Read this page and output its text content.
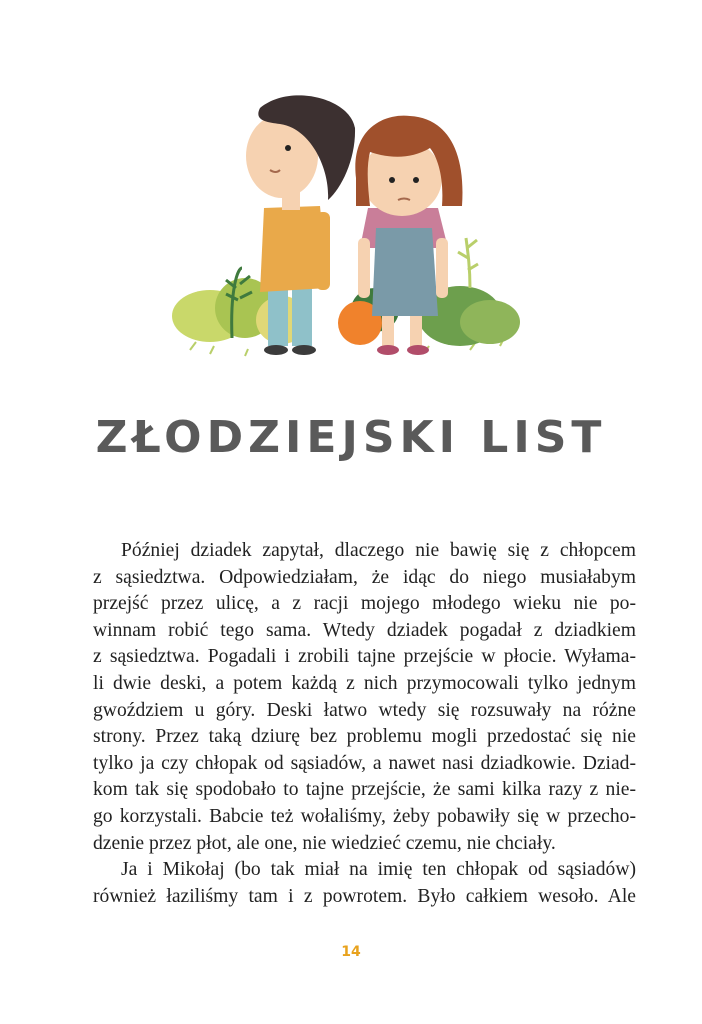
ZŁODZIEJSKI LIST
Później dziadek zapytał, dlaczego nie bawię się z chłopcem
z sąsiedztwa. Odpowiedziałam, że idąc do niego musiałabym
przejść przez ulicę, a z racji mojego młodego wieku nie po-
winnam robić tego sama. Wtedy dziadek pogadał z dziadkiem
z sąsiedztwa. Pogadali i zrobili tajne przejście w płocie. Wyłama-
li dwie deski, a potem każdą z nich przymocowali tylko jednym
gwoździem u góry. Deski łatwo wtedy się rozsuwały na różne
strony. Przez taką dziurę bez problemu mogli przedostać się nie
tylko ja czy chłopak od sąsiadów, a nawet nasi dziadkowie. Dziad-
kom tak się spodobało to tajne przejście, że sami kilka razy z nie-
go korzystali. Babcie też wołaliśmy, żeby pobawiły się w przecho-
dzenie przez płot, ale one, nie wiedzieć czemu, nie chciały.
Ja i Mikołaj (bo tak miał na imię ten chłopak od sąsiadów)
również łaziliśmy tam i z powrotem. Było całkiem wesoło. Ale
14
